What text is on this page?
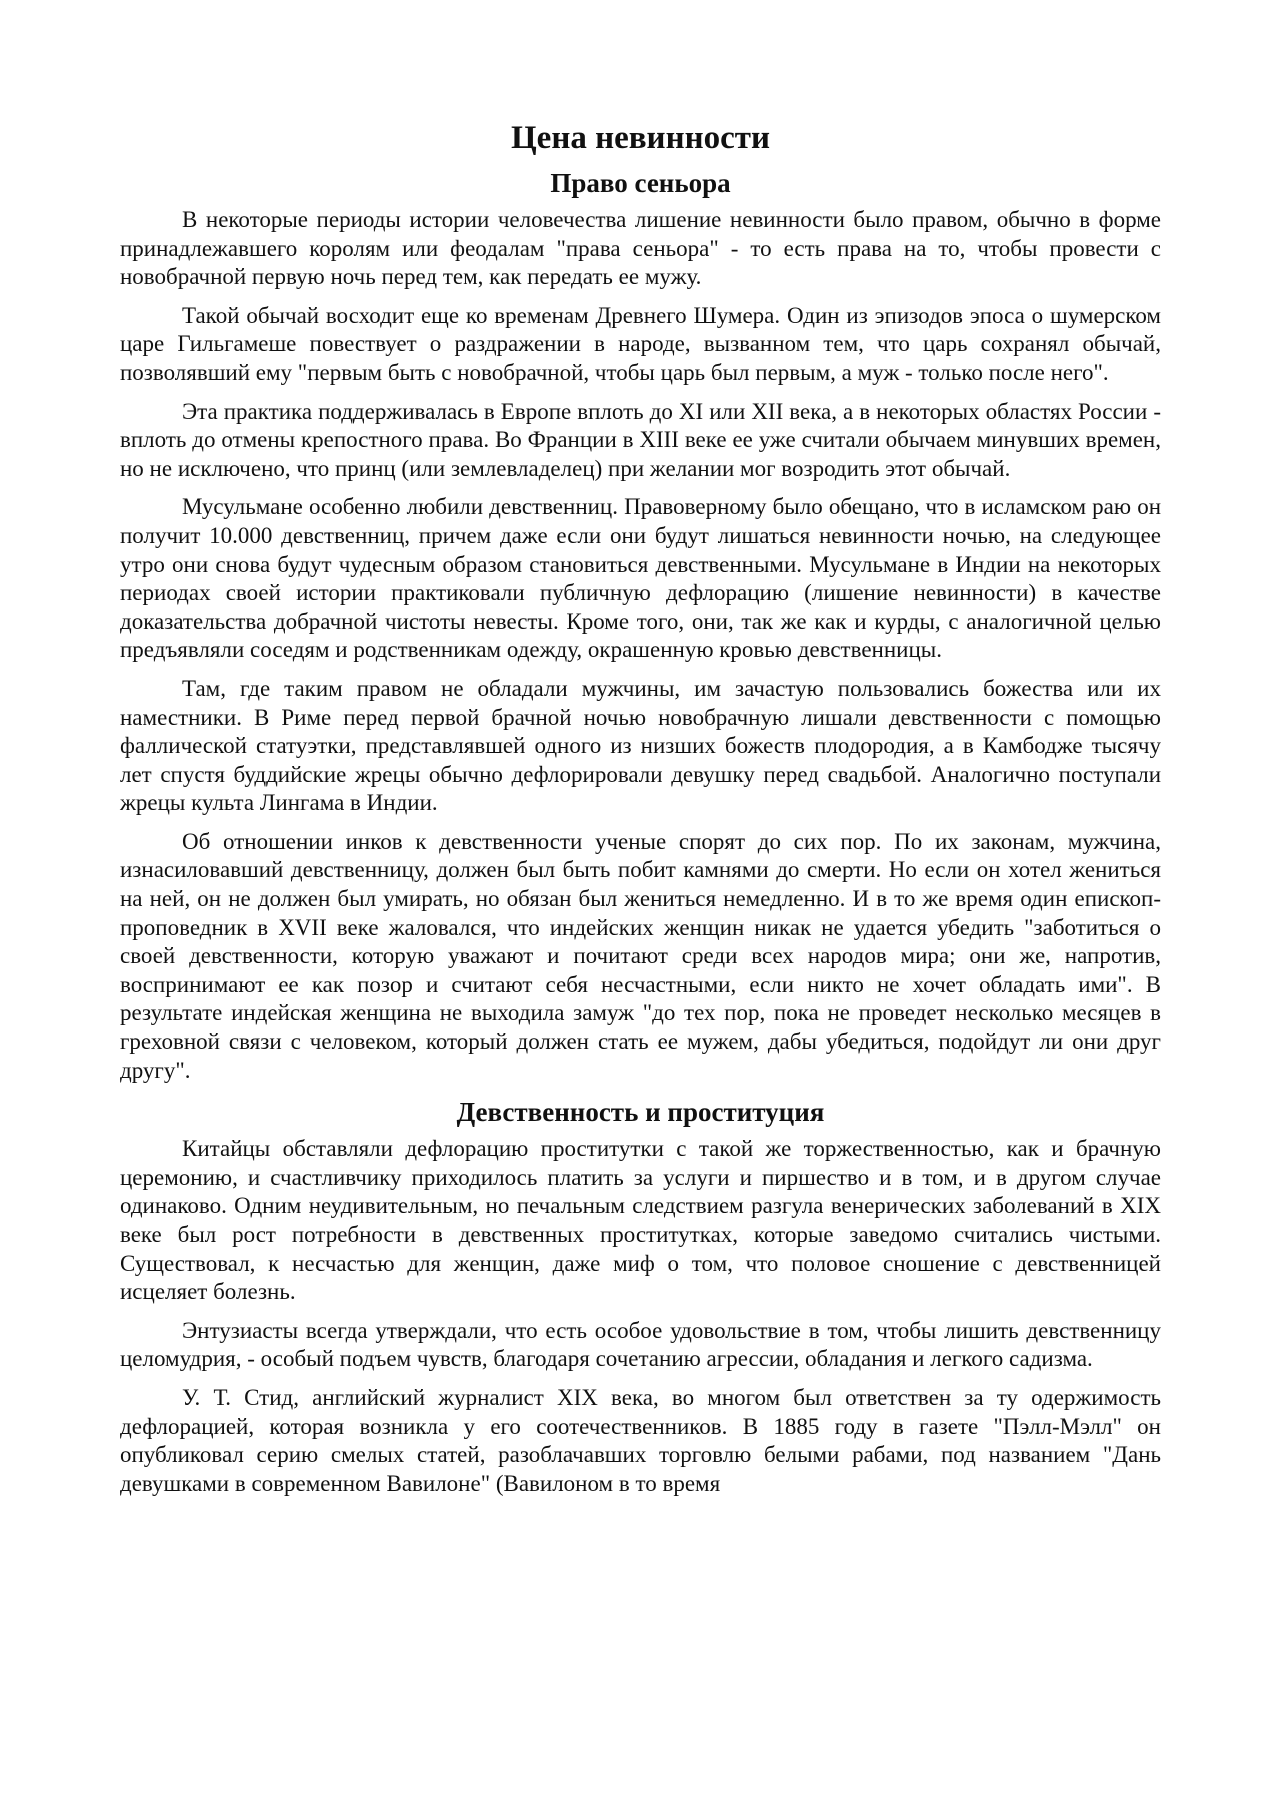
Цена невинности
Право сеньора

В некоторые периоды истории человечества лишение невинности было правом, обычно в форме принадлежавшего королям или феодалам "права сеньора" - то есть права на то, чтобы провести с новобрачной первую ночь перед тем, как передать ее мужу.

Такой обычай восходит еще ко временам Древнего Шумера. Один из эпизодов эпоса о шумерском царе Гильгамеше повествует о раздражении в народе, вызванном тем, что царь сохранял обычай, позволявший ему "первым быть с новобрачной, чтобы царь был первым, а муж - только после него".

Эта практика поддерживалась в Европе вплоть до XI или XII века, а в некоторых областях России - вплоть до отмены крепостного права. Во Франции в XIII веке ее уже считали обычаем минувших времен, но не исключено, что принц (или землевладелец) при желании мог возродить этот обычай.

Мусульмане особенно любили девственниц. Правоверному было обещано, что в исламском раю он получит 10.000 девственниц, причем даже если они будут лишаться невинности ночью, на следующее утро они снова будут чудесным образом становиться девственными. Мусульмане в Индии на некоторых периодах своей истории практиковали публичную дефлорацию (лишение невинности) в качестве доказательства добрачной чистоты невесты. Кроме того, они, так же как и курды, с аналогичной целью предъявляли соседям и родственникам одежду, окрашенную кровью девственницы.

Там, где таким правом не обладали мужчины, им зачастую пользовались божества или их наместники. В Риме перед первой брачной ночью новобрачную лишали девственности с помощью фаллической статуэтки, представлявшей одного из низших божеств плодородия, а в Камбодже тысячу лет спустя буддийские жрецы обычно дефлорировали девушку перед свадьбой. Аналогично поступали жрецы культа Лингама в Индии.

Об отношении инков к девственности ученые спорят до сих пор. По их законам, мужчина, изнасиловавший девственницу, должен был быть побит камнями до смерти. Но если он хотел жениться на ней, он не должен был умирать, но обязан был жениться немедленно. И в то же время один епископ-проповедник в XVII веке жаловался, что индейских женщин никак не удается убедить "заботиться о своей девственности, которую уважают и почитают среди всех народов мира; они же, напротив, воспринимают ее как позор и считают себя несчастными, если никто не хочет обладать ими". В результате индейская женщина не выходила замуж "до тех пор, пока не проведет несколько месяцев в греховной связи с человеком, который должен стать ее мужем, дабы убедиться, подойдут ли они друг другу".

Девственность и проституция

Китайцы обставляли дефлорацию проститутки с такой же торжественностью, как и брачную церемонию, и счастливчику приходилось платить за услуги и пиршество и в том, и в другом случае одинаково. Одним неудивительным, но печальным следствием разгула венерических заболеваний в XIX веке был рост потребности в девственных проститутках, которые заведомо считались чистыми. Существовал, к несчастью для женщин, даже миф о том, что половое сношение с девственницей исцеляет болезнь.

Энтузиасты всегда утверждали, что есть особое удовольствие в том, чтобы лишить девственницу целомудрия, - особый подъем чувств, благодаря сочетанию агрессии, обладания и легкого садизма.

У. Т. Стид, английский журналист XIX века, во многом был ответствен за ту одержимость дефлорацией, которая возникла у его соотечественников. В 1885 году в газете "Пэлл-Мэлл" он опубликовал серию смелых статей, разоблачавших торговлю белыми рабами, под названием "Дань девушками в современном Вавилоне" (Вавилоном в то время
